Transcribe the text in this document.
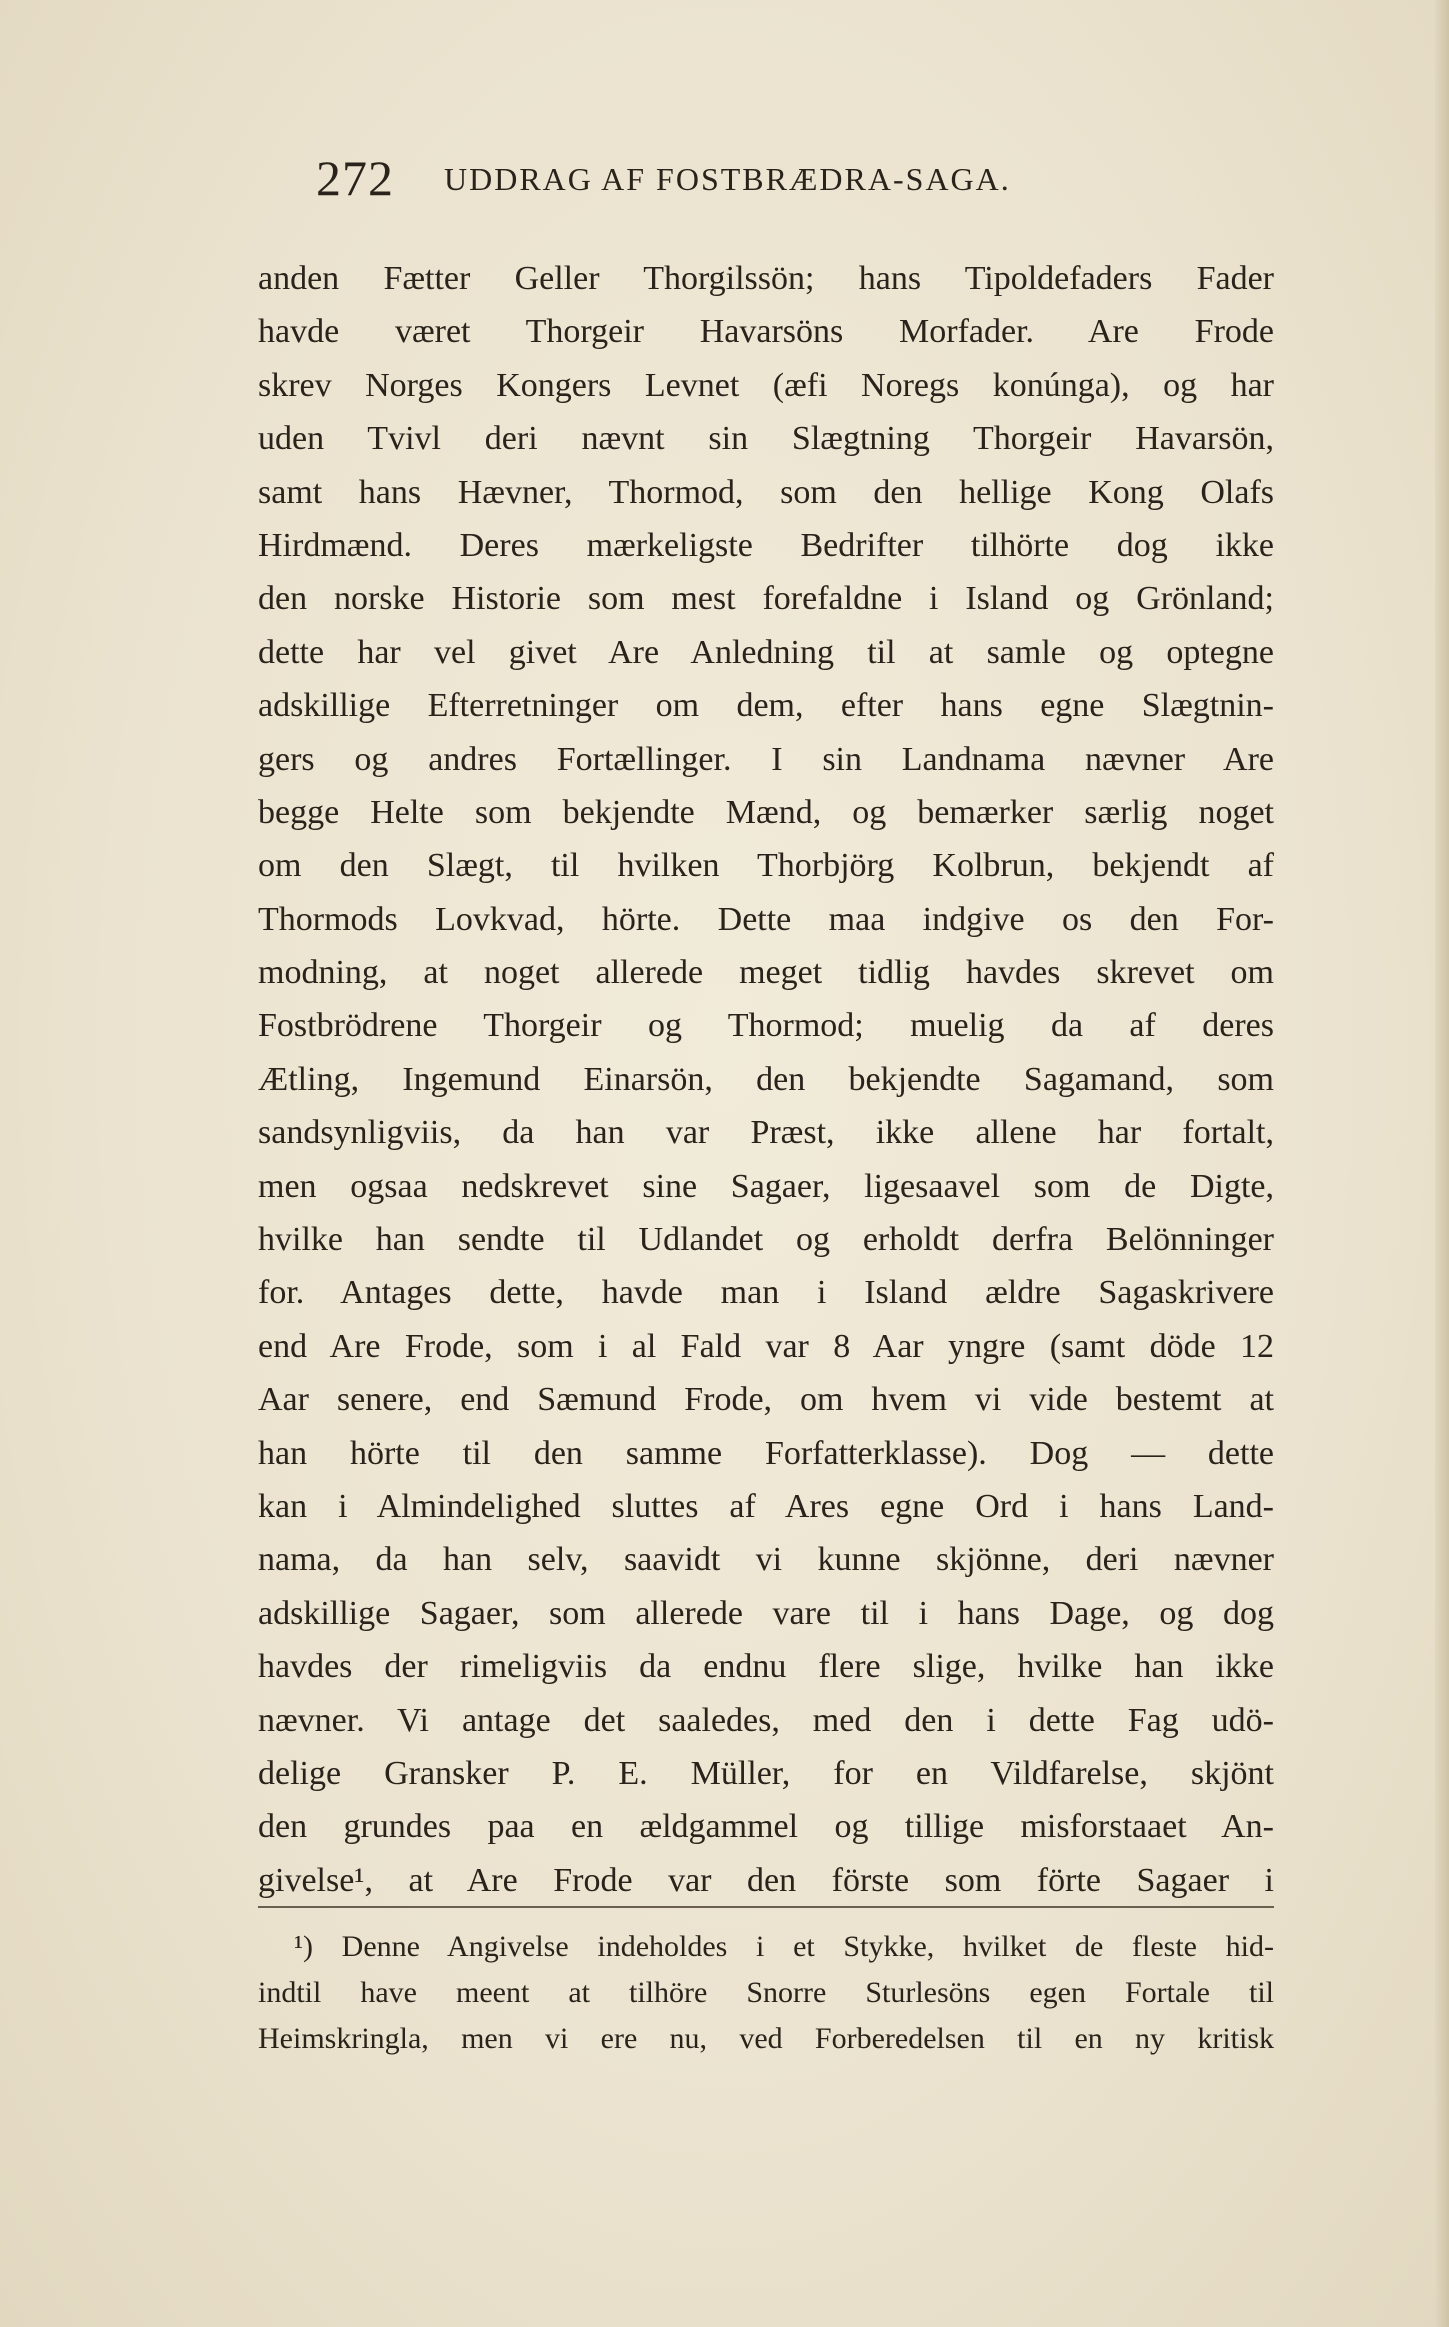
272 UDDRAG AF FOSTBRÆDRA-SAGA.
anden Fætter Geller Thorgilssön; hans Tipoldefaders Fader
havde været Thorgeir Havarsöns Morfader. Are Frode
skrev Norges Kongers Levnet (æfi Noregs konúnga), og har
uden Tvivl deri nævnt sin Slægtning Thorgeir Havarsön,
samt hans Hævner, Thormod, som den hellige Kong Olafs
Hirdmænd. Deres mærkeligste Bedrifter tilhörte dog ikke
den norske Historie som mest forefaldne i Island og Grönland;
dette har vel givet Are Anledning til at samle og optegne
adskillige Efterretninger om dem, efter hans egne Slægtnin-
gers og andres Fortællinger. I sin Landnama nævner Are
begge Helte som bekjendte Mænd, og bemærker særlig noget
om den Slægt, til hvilken Thorbjörg Kolbrun, bekjendt af
Thormods Lovkvad, hörte. Dette maa indgive os den For-
modning, at noget allerede meget tidlig havdes skrevet om
Fostbrödrene Thorgeir og Thormod; muelig da af deres
Ætling, Ingemund Einarsön, den bekjendte Sagamand, som
sandsynligviis, da han var Præst, ikke allene har fortalt,
men ogsaa nedskrevet sine Sagaer, ligesaavel som de Digte,
hvilke han sendte til Udlandet og erholdt derfra Belönninger
for. Antages dette, havde man i Island ældre Sagaskrivere
end Are Frode, som i al Fald var 8 Aar yngre (samt döde 12
Aar senere, end Sæmund Frode, om hvem vi vide bestemt at
han hörte til den samme Forfatterklasse). Dog — dette
kan i Almindelighed sluttes af Ares egne Ord i hans Land-
nama, da han selv, saavidt vi kunne skjönne, deri nævner
adskillige Sagaer, som allerede vare til i hans Dage, og dog
havdes der rimeligviis da endnu flere slige, hvilke han ikke
nævner. Vi antage det saaledes, med den i dette Fag udö-
delige Gransker P. E. Müller, for en Vildfarelse, skjönt
den grundes paa en ældgammel og tillige misforstaaet An-
givelse¹, at Are Frode var den förste som förte Sagaer i
¹) Denne Angivelse indeholdes i et Stykke, hvilket de fleste hid-
indtil have meent at tilhöre Snorre Sturlesöns egen Fortale til
Heimskringla, men vi ere nu, ved Forberedelsen til en ny kritisk
